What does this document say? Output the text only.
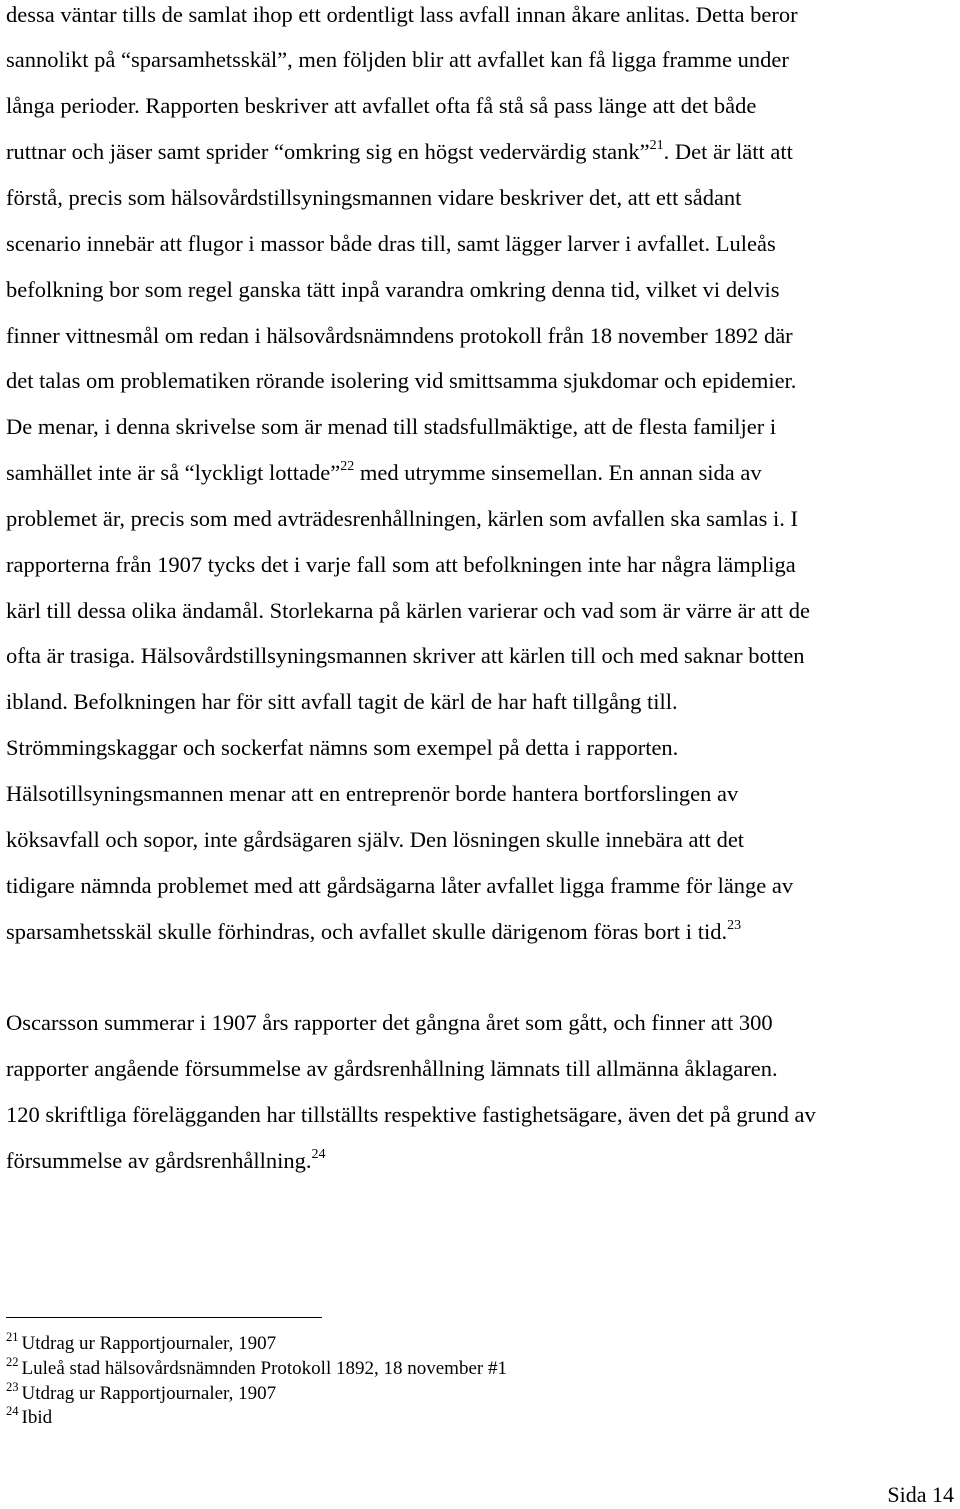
dessa väntar tills de samlat ihop ett ordentligt lass avfall innan åkare anlitas. Detta beror

sannolikt på “sparsamhetsskäl”, men följden blir att avfallet kan få ligga framme under

långa perioder. Rapporten beskriver att avfallet ofta få stå så pass länge att det både

ruttnar och jäser samt sprider “omkring sig en högst vedervärdig stank”$^{21}$. Det är lätt att

förstå, precis som hälsovårdstillsyningsmannen vidare beskriver det, att ett sådant

scenario innebär att flugor i massor både dras till, samt lägger larver i avfallet. Luleås

befolkning bor som regel ganska tätt inpå varandra omkring denna tid, vilket vi delvis

finner vittnesmål om redan i hälsovårdsnämndens protokoll från 18 november 1892 där

det talas om problematiken rörande isolering vid smittsamma sjukdomar och epidemier.

De menar, i denna skrivelse som är menad till stadsfullmäktige, att de flesta familjer i

samhället inte är så “lyckligt lottade”$^{22}$ med utrymme sinsemellan. En annan sida av

problemet är, precis som med avträdesrenhållningen, kärlen som avfallen ska samlas i. I

rapporterna från 1907 tycks det i varje fall som att befolkningen inte har några lämpliga

kärl till dessa olika ändamål. Storlekarna på kärlen varierar och vad som är värre är att de

ofta är trasiga. Hälsovårdstillsyningsmannen skriver att kärlen till och med saknar botten

ibland. Befolkningen har för sitt avfall tagit de kärl de har haft tillgång till.

Strömmingskaggar och sockerfat nämns som exempel på detta i rapporten.

Hälsotillsyningsmannen menar att en entreprenör borde hantera bortforslingen av

köksavfall och sopor, inte gårdsägaren själv. Den lösningen skulle innebära att det

tidigare nämnda problemet med att gårdsägarna låter avfallet ligga framme för länge av

sparsamhetsskäl skulle förhindras, och avfallet skulle därigenom föras bort i tid.$^{23}$

Oscarsson summerar i 1907 års rapporter det gångna året som gått, och finner att 300

rapporter angående försummelse av gårdsrenhållning lämnats till allmänna åklagaren.

120 skriftliga förelägganden har tillställts respektive fastighetsägare, även det på grund av

försummelse av gårdsrenhållning.$^{24}$

$^{21}$ Utdrag ur Rapportjournaler, 1907
$^{22}$ Luleå stad hälsovårdsnämnden Protokoll 1892, 18 november #1
$^{23}$ Utdrag ur Rapportjournaler, 1907
$^{24}$ Ibid
Sida 14
